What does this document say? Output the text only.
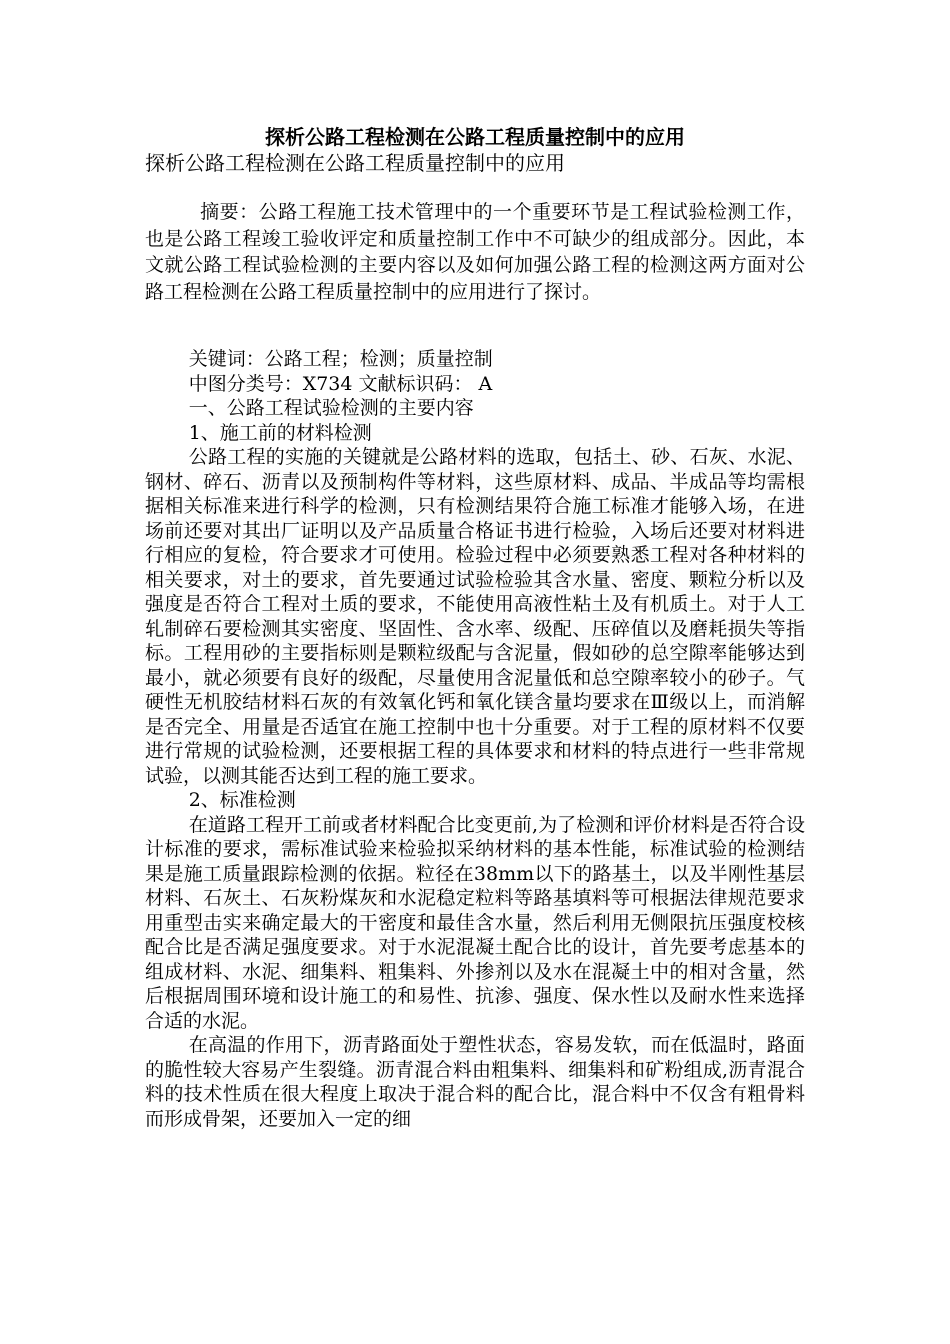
探析公路工程检测在公路工程质量控制中的应用
探析公路工程检测在公路工程质量控制中的应用
摘要：公路工程施工技术管理中的一个重要环节是工程试验检测工作，也是公路工程竣工验收评定和质量控制工作中不可缺少的组成部分。因此，本文就公路工程试验检测的主要内容以及如何加强公路工程的检测这两方面对公路工程检测在公路工程质量控制中的应用进行了探讨。

关键词：公路工程；检测；质量控制

中图分类号：X734 文献标识码： A

一、公路工程试验检测的主要内容

1、施工前的材料检测

公路工程的实施的关键就是公路材料的选取，包括土、砂、石灰、水泥、钢材、碎石、沥青以及预制构件等材料，这些原材料、成品、半成品等均需根据相关标准来进行科学的检测，只有检测结果符合施工标准才能够入场，在进场前还要对其出厂证明以及产品质量合格证书进行检验，入场后还要对材料进行相应的复检，符合要求才可使用。检验过程中必须要熟悉工程对各种材料的相关要求，对土的要求，首先要通过试验检验其含水量、密度、颗粒分析以及强度是否符合工程对土质的要求，不能使用高液性粘土及有机质土。对于人工轧制碎石要检测其实密度、坚固性、含水率、级配、压碎值以及磨耗损失等指标。工程用砂的主要指标则是颗粒级配与含泥量，假如砂的总空隙率能够达到最小，就必须要有良好的级配，尽量使用含泥量低和总空隙率较小的砂子。气硬性无机胶结材料石灰的有效氧化钙和氧化镁含量均要求在Ⅲ级以上，而消解是否完全、用量是否适宜在施工控制中也十分重要。对于工程的原材料不仅要进行常规的试验检测，还要根据工程的具体要求和材料的特点进行一些非常规试验，以测其能否达到工程的施工要求。

2、标准检测

在道路工程开工前或者材料配合比变更前,为了检测和评价材料是否符合设计标准的要求，需标准试验来检验拟采纳材料的基本性能，标准试验的检测结果是施工质量跟踪检测的依据。粒径在38mm以下的路基土，以及半刚性基层材料、石灰土、石灰粉煤灰和水泥稳定粒料等路基填料等可根据法律规范要求用重型击实来确定最大的干密度和最佳含水量，然后利用无侧限抗压强度校核配合比是否满足强度要求。对于水泥混凝土配合比的设计，首先要考虑基本的组成材料、水泥、细集料、粗集料、外掺剂以及水在混凝土中的相对含量，然后根据周围环境和设计施工的和易性、抗渗、强度、保水性以及耐水性来选择合适的水泥。

在高温的作用下，沥青路面处于塑性状态，容易发软，而在低温时，路面的脆性较大容易产生裂缝。沥青混合料由粗集料、细集料和矿粉组成,沥青混合料的技术性质在很大程度上取决于混合料的配合比，混合料中不仅含有粗骨料而形成骨架，还要加入一定的细
